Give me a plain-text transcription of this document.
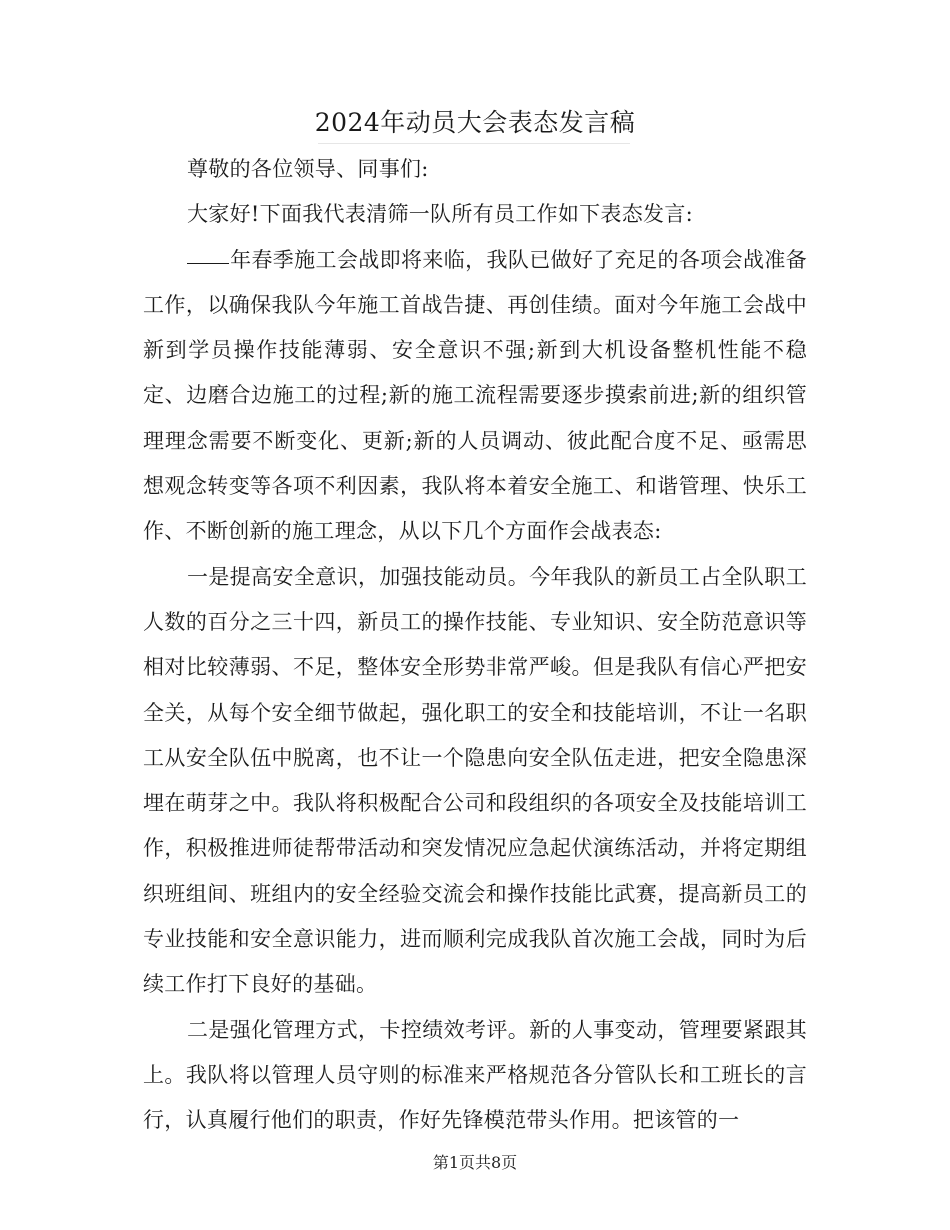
2024年动员大会表态发言稿

尊敬的各位领导、同事们:

大家好!下面我代表清筛一队所有员工作如下表态发言:

年春季施工会战即将来临，我队已做好了充足的各项会战准备工作，以确保我队今年施工首战告捷、再创佳绩。面对今年施工会战中新到学员操作技能薄弱、安全意识不强;新到大机设备整机性能不稳定、边磨合边施工的过程;新的施工流程需要逐步摸索前进;新的组织管理理念需要不断变化、更新;新的人员调动、彼此配合度不足、亟需思想观念转变等各项不利因素，我队将本着安全施工、和谐管理、快乐工作、不断创新的施工理念，从以下几个方面作会战表态:

一是提高安全意识，加强技能动员。今年我队的新员工占全队职工人数的百分之三十四，新员工的操作技能、专业知识、安全防范意识等相对比较薄弱、不足，整体安全形势非常严峻。但是我队有信心严把安全关，从每个安全细节做起，强化职工的安全和技能培训，不让一名职工从安全队伍中脱离，也不让一个隐患向安全队伍走进，把安全隐患深埋在萌芽之中。我队将积极配合公司和段组织的各项安全及技能培训工作，积极推进师徒帮带活动和突发情况应急起伏演练活动，并将定期组织班组间、班组内的安全经验交流会和操作技能比武赛，提高新员工的专业技能和安全意识能力，进而顺利完成我队首次施工会战，同时为后续工作打下良好的基础。

二是强化管理方式，卡控绩效考评。新的人事变动，管理要紧跟其上。我队将以管理人员守则的标准来严格规范各分管队长和工班长的言行，认真履行他们的职责，作好先锋模范带头作用。把该管的一

第1页共8页
